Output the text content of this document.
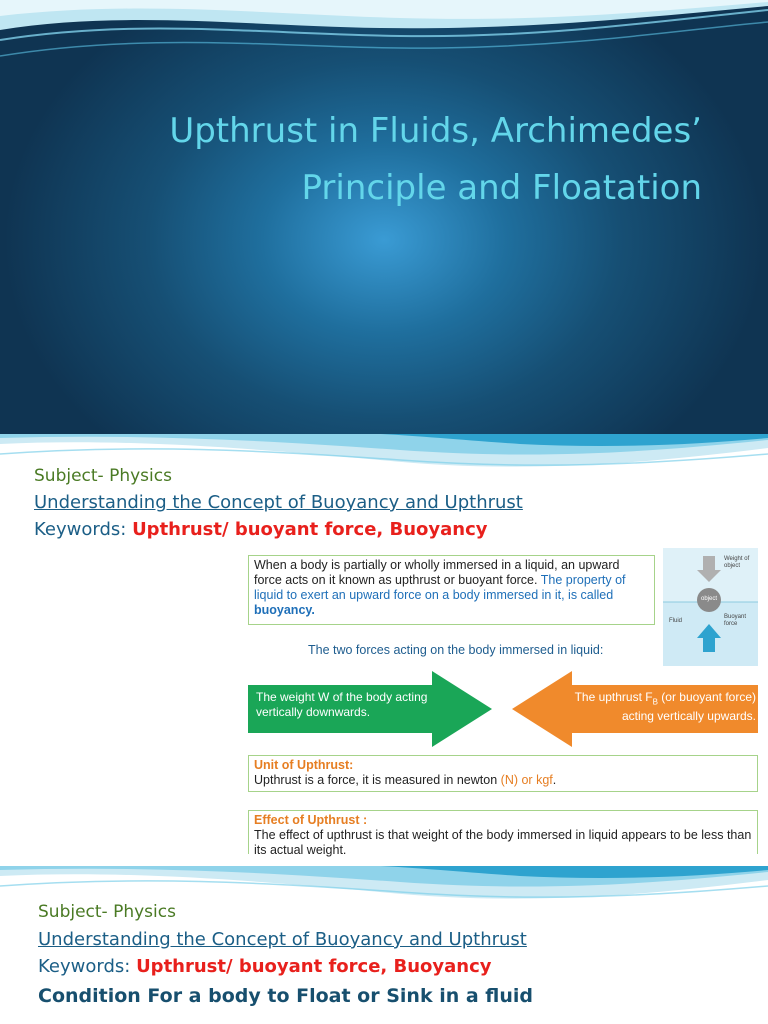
Upthrust in Fluids, Archimedes’
Principle and Floatation

Subject- Physics

Understanding the Concept of Buoyancy and Upthrust

Keywords: Upthrust/ buoyant force, Buoyancy

When a body is partially or wholly immersed in a liquid, an upward force acts on it known as upthrust or buoyant force. The property of liquid to exert an upward force on a body immersed in it, is called buoyancy.
Weight of object
object
Fluid
Buoyant force
The two forces acting on the body immersed in liquid:
The weight W of the body acting
vertically downwards.
The upthrust $F_B$ (or buoyant force)
acting vertically upwards.
Unit of Upthrust:
Upthrust is a force, it is measured in newton (N) or kgf.
Effect of Upthrust :
The effect of upthrust is that weight of the body immersed in liquid appears to be less than its actual weight.

Subject- Physics

Understanding the Concept of Buoyancy and Upthrust

Keywords: Upthrust/ buoyant force, Buoyancy

Condition For a body to Float or Sink in a fluid
